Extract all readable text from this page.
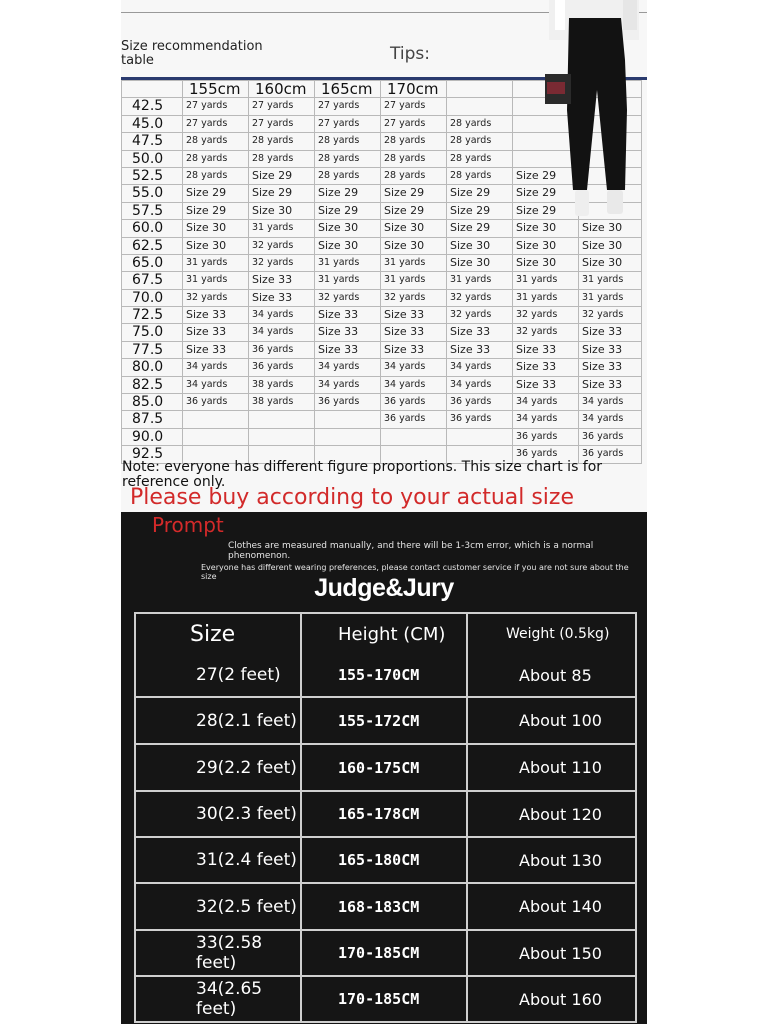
Size recommendation table	Tips:
	155cm	160cm	165cm	170cm			
42.5	27 yards	27 yards	27 yards	27 yards			
45.0	27 yards	27 yards	27 yards	27 yards	28 yards		
47.5	28 yards	28 yards	28 yards	28 yards	28 yards		
50.0	28 yards	28 yards	28 yards	28 yards	28 yards		
52.5	28 yards	Size 29	28 yards	28 yards	28 yards	Size 29	
55.0	Size 29	Size 29	Size 29	Size 29	Size 29	Size 29	
57.5	Size 29	Size 30	Size 29	Size 29	Size 29	Size 29	
60.0	Size 30	31 yards	Size 30	Size 30	Size 29	Size 30	Size 30
62.5	Size 30	32 yards	Size 30	Size 30	Size 30	Size 30	Size 30
65.0	31 yards	32 yards	31 yards	31 yards	Size 30	Size 30	Size 30
67.5	31 yards	Size 33	31 yards	31 yards	31 yards	31 yards	31 yards
70.0	32 yards	Size 33	32 yards	32 yards	32 yards	31 yards	31 yards
72.5	Size 33	34 yards	Size 33	Size 33	32 yards	32 yards	32 yards
75.0	Size 33	34 yards	Size 33	Size 33	Size 33	32 yards	Size 33
77.5	Size 33	36 yards	Size 33	Size 33	Size 33	Size 33	Size 33
80.0	34 yards	36 yards	34 yards	34 yards	34 yards	Size 33	Size 33
82.5	34 yards	38 yards	34 yards	34 yards	34 yards	Size 33	Size 33
85.0	36 yards	38 yards	36 yards	36 yards	36 yards	34 yards	34 yards
87.5				36 yards	36 yards	34 yards	34 yards
90.0						36 yards	36 yards
92.5						36 yards	36 yards
Note: everyone has different figure proportions. This size chart is for reference only.
Please buy according to your actual size
Prompt
Clothes are measured manually, and there will be 1-3cm error, which is a normal phenomenon.
Everyone has different wearing preferences, please contact customer service if you are not sure about the size	Judge&Jury
Size	Height (CM)	Weight (0.5kg)
27(2 feet)	155-170CM	About 85
28(2.1 feet)	155-172CM	About 100
29(2.2 feet)	160-175CM	About 110
30(2.3 feet)	165-178CM	About 120
31(2.4 feet)	165-180CM	About 130
32(2.5 feet)	168-183CM	About 140
33(2.58 feet)	170-185CM	About 150
34(2.65 feet)	170-185CM	About 160
